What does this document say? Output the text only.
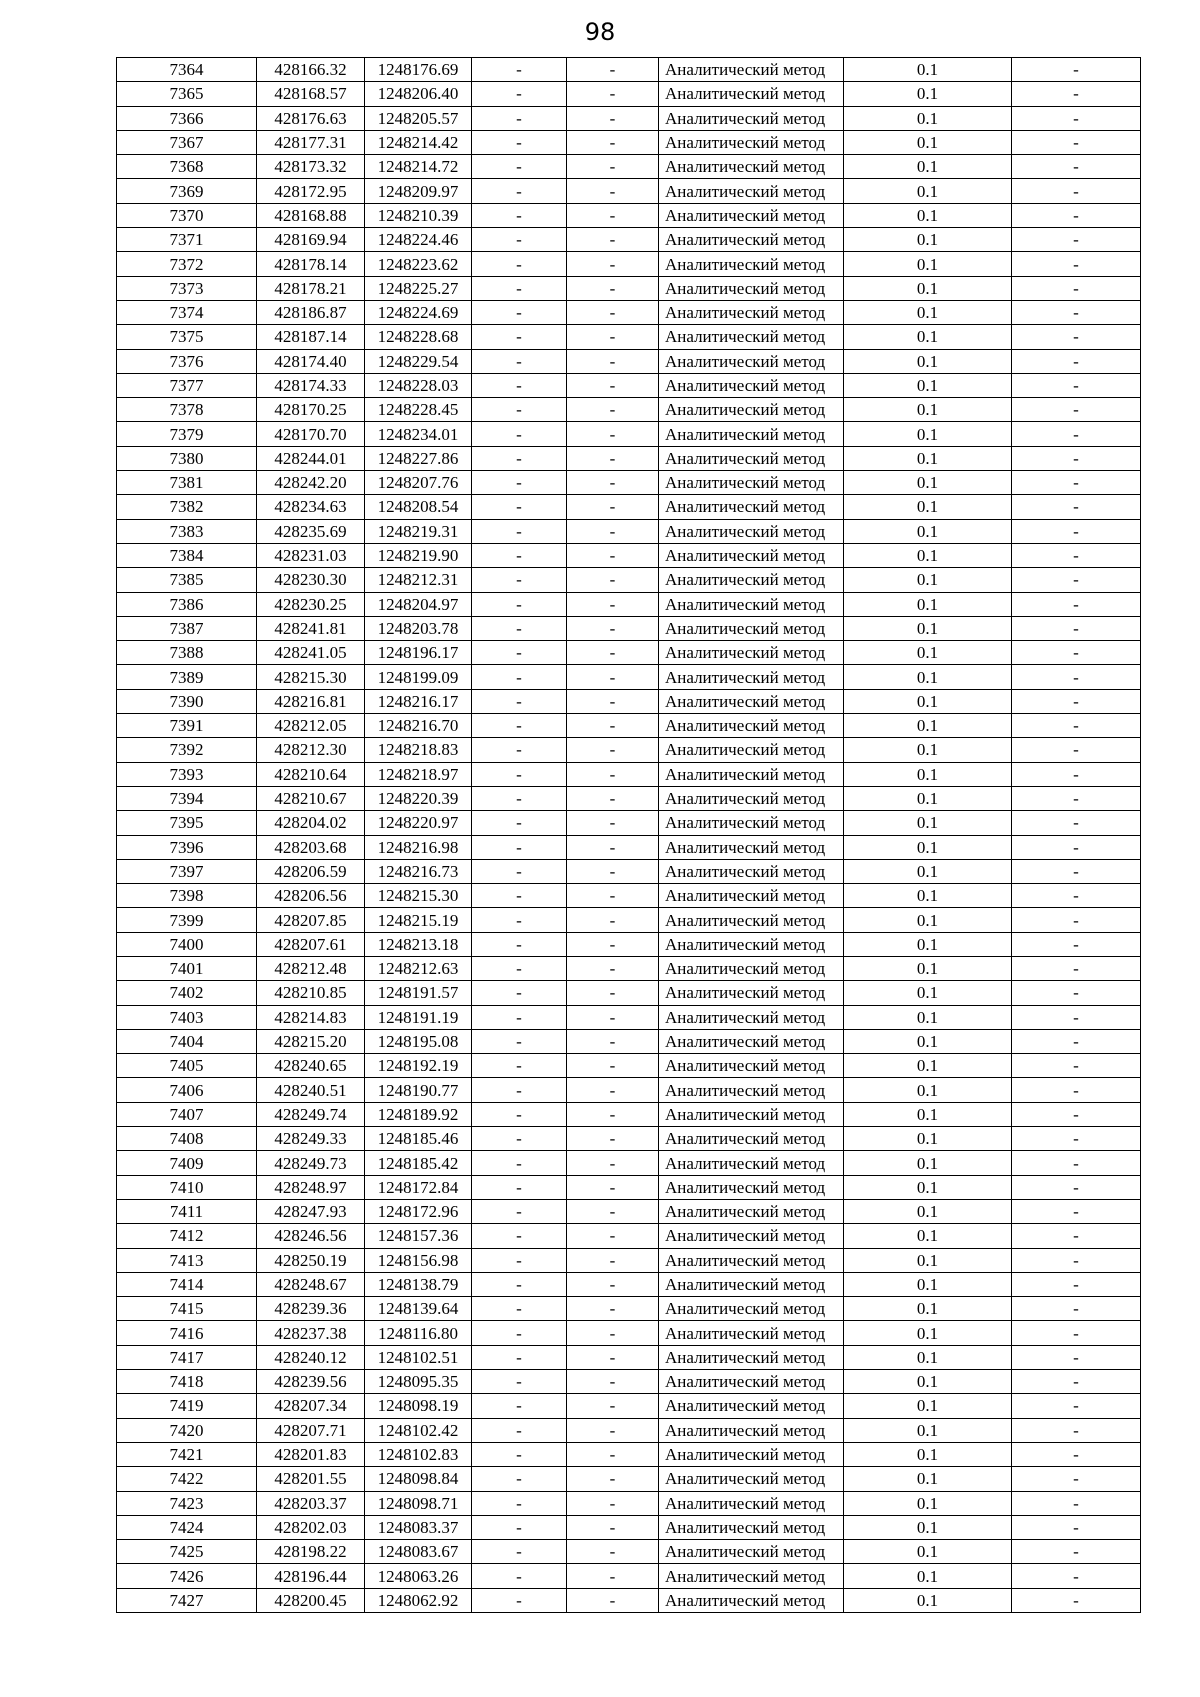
98
7364	428166.32	1248176.69	-	-	Аналитический метод	0.1	-
7365	428168.57	1248206.40	-	-	Аналитический метод	0.1	-
7366	428176.63	1248205.57	-	-	Аналитический метод	0.1	-
7367	428177.31	1248214.42	-	-	Аналитический метод	0.1	-
7368	428173.32	1248214.72	-	-	Аналитический метод	0.1	-
7369	428172.95	1248209.97	-	-	Аналитический метод	0.1	-
7370	428168.88	1248210.39	-	-	Аналитический метод	0.1	-
7371	428169.94	1248224.46	-	-	Аналитический метод	0.1	-
7372	428178.14	1248223.62	-	-	Аналитический метод	0.1	-
7373	428178.21	1248225.27	-	-	Аналитический метод	0.1	-
7374	428186.87	1248224.69	-	-	Аналитический метод	0.1	-
7375	428187.14	1248228.68	-	-	Аналитический метод	0.1	-
7376	428174.40	1248229.54	-	-	Аналитический метод	0.1	-
7377	428174.33	1248228.03	-	-	Аналитический метод	0.1	-
7378	428170.25	1248228.45	-	-	Аналитический метод	0.1	-
7379	428170.70	1248234.01	-	-	Аналитический метод	0.1	-
7380	428244.01	1248227.86	-	-	Аналитический метод	0.1	-
7381	428242.20	1248207.76	-	-	Аналитический метод	0.1	-
7382	428234.63	1248208.54	-	-	Аналитический метод	0.1	-
7383	428235.69	1248219.31	-	-	Аналитический метод	0.1	-
7384	428231.03	1248219.90	-	-	Аналитический метод	0.1	-
7385	428230.30	1248212.31	-	-	Аналитический метод	0.1	-
7386	428230.25	1248204.97	-	-	Аналитический метод	0.1	-
7387	428241.81	1248203.78	-	-	Аналитический метод	0.1	-
7388	428241.05	1248196.17	-	-	Аналитический метод	0.1	-
7389	428215.30	1248199.09	-	-	Аналитический метод	0.1	-
7390	428216.81	1248216.17	-	-	Аналитический метод	0.1	-
7391	428212.05	1248216.70	-	-	Аналитический метод	0.1	-
7392	428212.30	1248218.83	-	-	Аналитический метод	0.1	-
7393	428210.64	1248218.97	-	-	Аналитический метод	0.1	-
7394	428210.67	1248220.39	-	-	Аналитический метод	0.1	-
7395	428204.02	1248220.97	-	-	Аналитический метод	0.1	-
7396	428203.68	1248216.98	-	-	Аналитический метод	0.1	-
7397	428206.59	1248216.73	-	-	Аналитический метод	0.1	-
7398	428206.56	1248215.30	-	-	Аналитический метод	0.1	-
7399	428207.85	1248215.19	-	-	Аналитический метод	0.1	-
7400	428207.61	1248213.18	-	-	Аналитический метод	0.1	-
7401	428212.48	1248212.63	-	-	Аналитический метод	0.1	-
7402	428210.85	1248191.57	-	-	Аналитический метод	0.1	-
7403	428214.83	1248191.19	-	-	Аналитический метод	0.1	-
7404	428215.20	1248195.08	-	-	Аналитический метод	0.1	-
7405	428240.65	1248192.19	-	-	Аналитический метод	0.1	-
7406	428240.51	1248190.77	-	-	Аналитический метод	0.1	-
7407	428249.74	1248189.92	-	-	Аналитический метод	0.1	-
7408	428249.33	1248185.46	-	-	Аналитический метод	0.1	-
7409	428249.73	1248185.42	-	-	Аналитический метод	0.1	-
7410	428248.97	1248172.84	-	-	Аналитический метод	0.1	-
7411	428247.93	1248172.96	-	-	Аналитический метод	0.1	-
7412	428246.56	1248157.36	-	-	Аналитический метод	0.1	-
7413	428250.19	1248156.98	-	-	Аналитический метод	0.1	-
7414	428248.67	1248138.79	-	-	Аналитический метод	0.1	-
7415	428239.36	1248139.64	-	-	Аналитический метод	0.1	-
7416	428237.38	1248116.80	-	-	Аналитический метод	0.1	-
7417	428240.12	1248102.51	-	-	Аналитический метод	0.1	-
7418	428239.56	1248095.35	-	-	Аналитический метод	0.1	-
7419	428207.34	1248098.19	-	-	Аналитический метод	0.1	-
7420	428207.71	1248102.42	-	-	Аналитический метод	0.1	-
7421	428201.83	1248102.83	-	-	Аналитический метод	0.1	-
7422	428201.55	1248098.84	-	-	Аналитический метод	0.1	-
7423	428203.37	1248098.71	-	-	Аналитический метод	0.1	-
7424	428202.03	1248083.37	-	-	Аналитический метод	0.1	-
7425	428198.22	1248083.67	-	-	Аналитический метод	0.1	-
7426	428196.44	1248063.26	-	-	Аналитический метод	0.1	-
7427	428200.45	1248062.92	-	-	Аналитический метод	0.1	-
